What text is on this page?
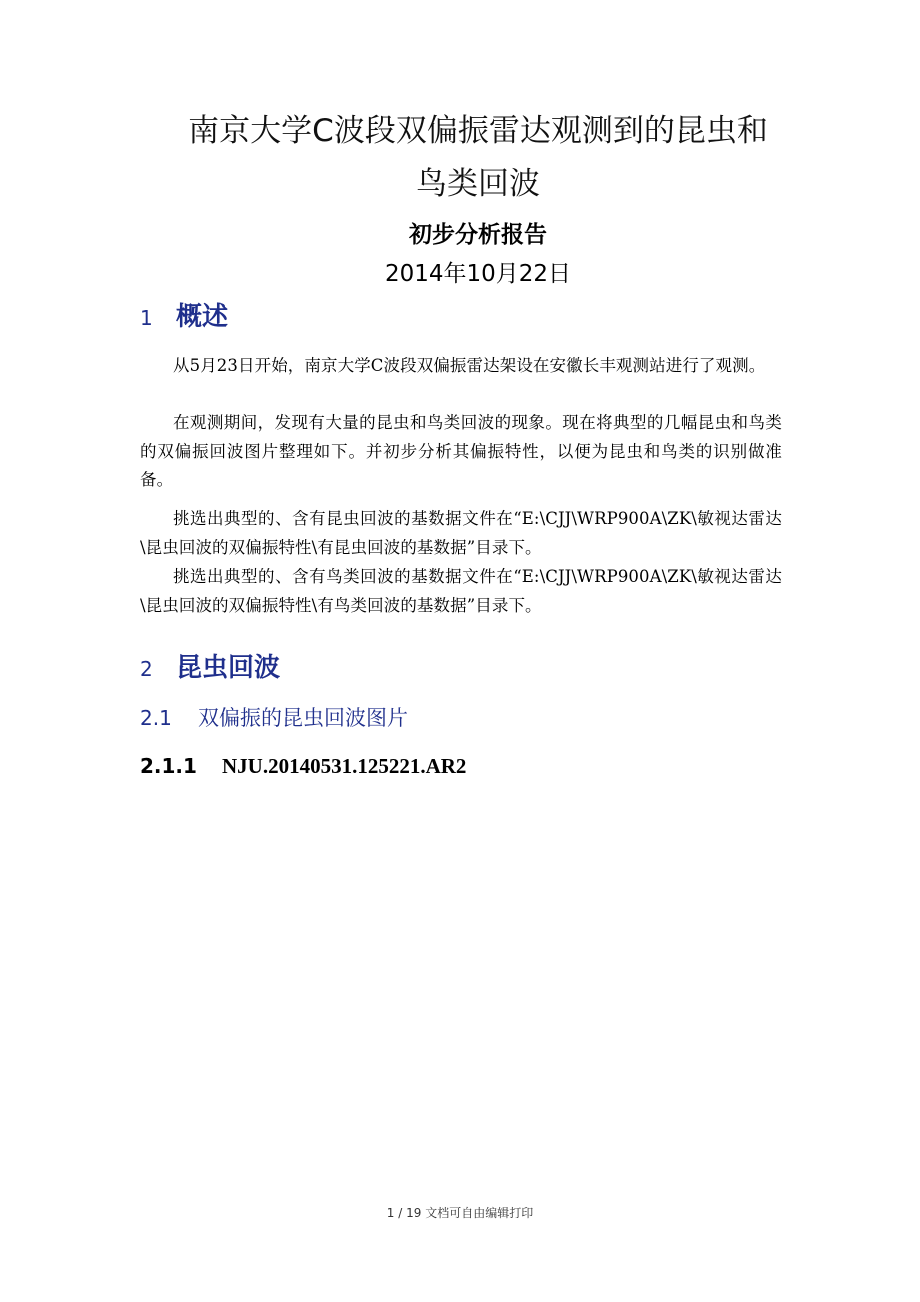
南京大学C波段双偏振雷达观测到的昆虫和
鸟类回波
初步分析报告
2014年10月22日
1 概述

从5月23日开始，南京大学C波段双偏振雷达架设在安徽长丰观测站进行了观测。

在观测期间，发现有大量的昆虫和鸟类回波的现象。现在将典型的几幅昆虫和鸟类的双偏振回波图片整理如下。并初步分析其偏振特性，以便为昆虫和鸟类的识别做准备。

挑选出典型的、含有昆虫回波的基数据文件在“E:\CJJ\WRP900A\ZK\敏视达雷达\昆虫回波的双偏振特性\有昆虫回波的基数据”目录下。

挑选出典型的、含有鸟类回波的基数据文件在“E:\CJJ\WRP900A\ZK\敏视达雷达\昆虫回波的双偏振特性\有鸟类回波的基数据”目录下。

2 昆虫回波
2.1 双偏振的昆虫回波图片
2.1.1 NJU.20140531.125221.AR2
1 / 19 文档可自由编辑打印
